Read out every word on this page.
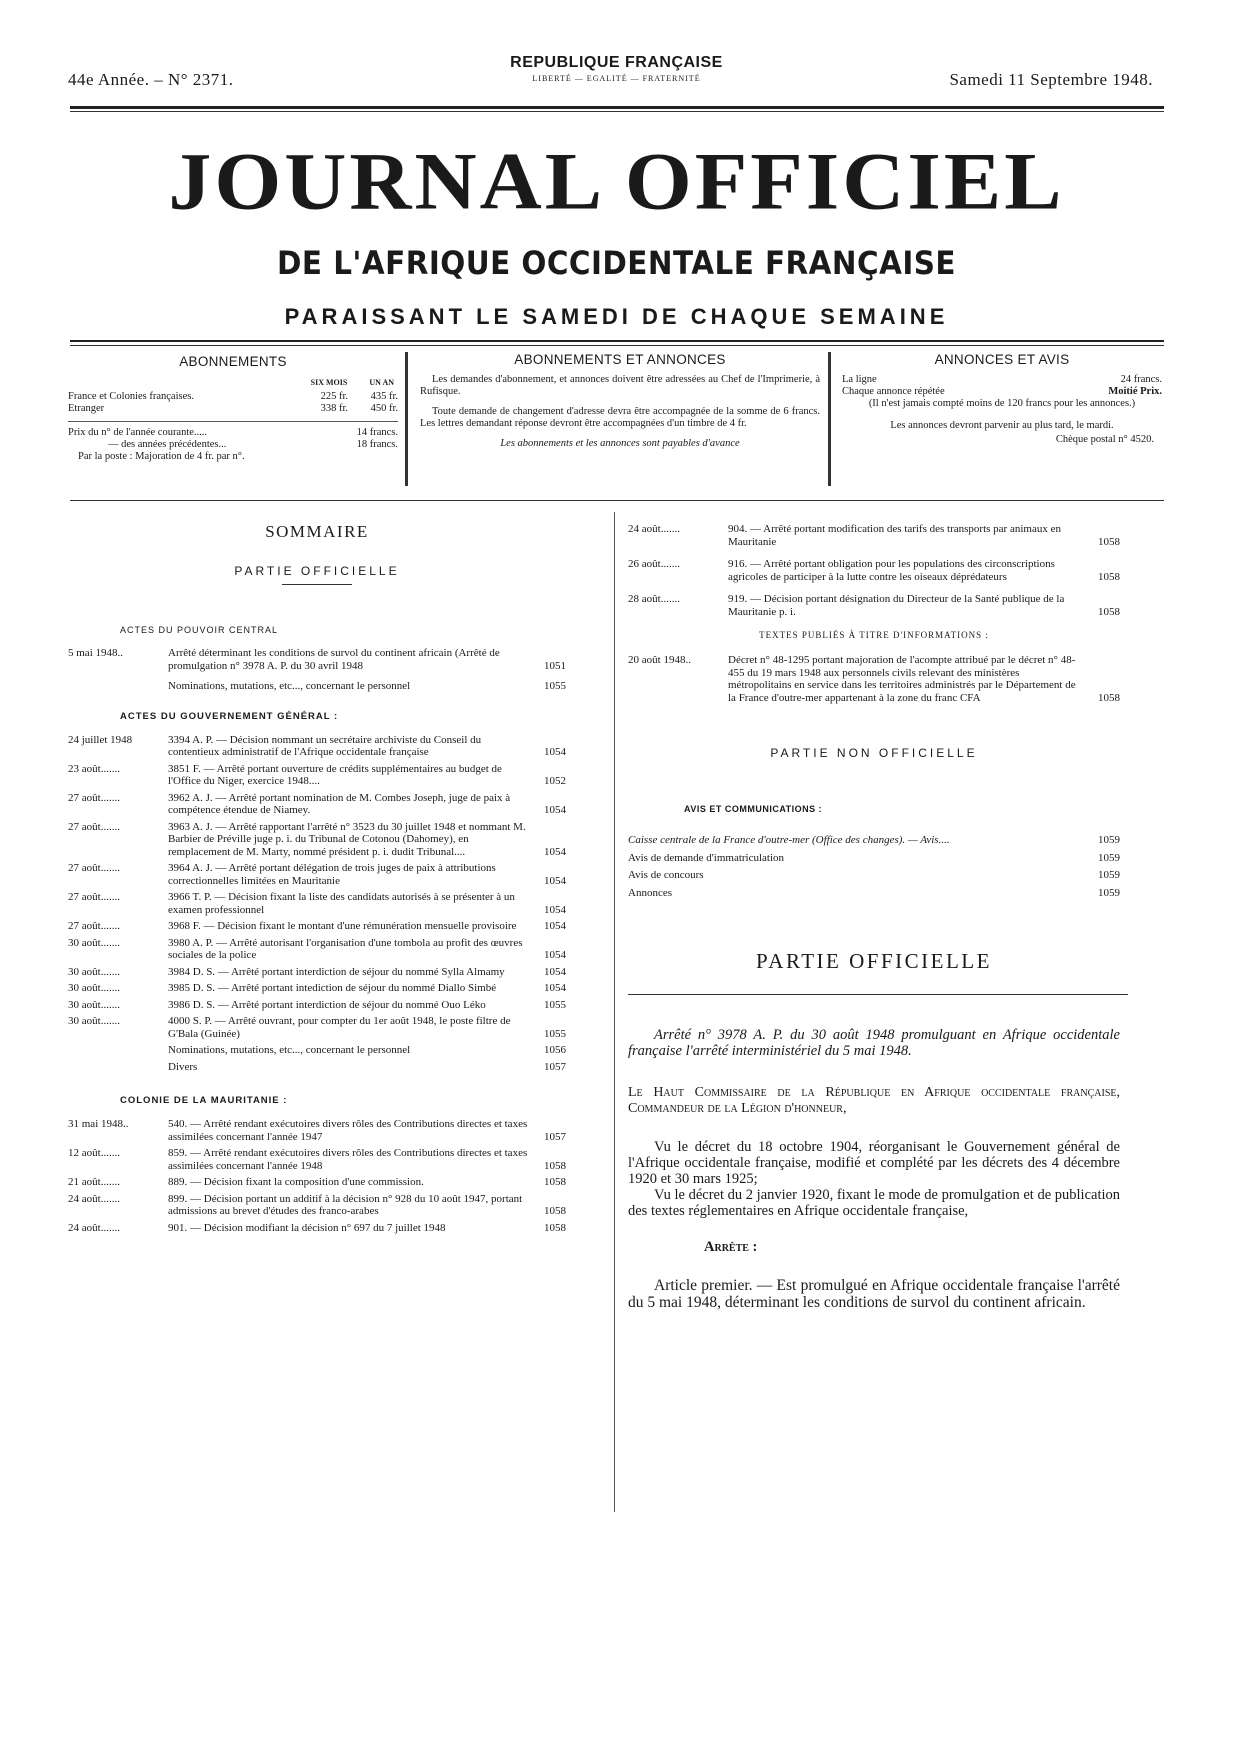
44e Année. – N° 2371.
REPUBLIQUE FRANÇAISE
LIBERTÉ — EGALITÉ — FRATERNITÉ	Samedi 11 Septembre 1948.
JOURNAL OFFICIEL
DE L'AFRIQUE OCCIDENTALE FRANÇAISE
PARAISSANT LE SAMEDI DE CHAQUE SEMAINE
ABONNEMENTS
SIX MOIS	UN AN
France et Colonies françaises.	225 fr.	435 fr.
Etranger	338 fr.	450 fr.
Prix du n° de l'année courante.....	14 francs.
— des années précédentes...	18 francs.
Par la poste : Majoration de 4 fr. par n°.
ABONNEMENTS ET ANNONCES

Les demandes d'abonnement, et annonces doivent être adressées au Chef de l'Imprimerie, à Rufisque.

Toute demande de changement d'adresse devra être accompagnée de la somme de 6 francs. Les lettres demandant réponse devront être accompagnées d'un timbre de 4 fr.

Les abonnements et les annonces sont payables d'avance

ANNONCES ET AVIS
La ligne	24 francs.
Chaque annonce répétée	Moitié Prix.
(Il n'est jamais compté moins de 120 francs pour les annonces.)
Les annonces devront parvenir au plus tard, le mardi.
Chèque postal n° 4520.
SOMMAIRE
PARTIE OFFICIELLE
ACTES DU POUVOIR CENTRAL
5 mai 1948..	Arrêté déterminant les conditions de survol du continent africain (Arrêté de promulgation n° 3978 A. P. du 30 avril 1948	1051
Nominations, mutations, etc..., concernant le personnel	1055
ACTES DU GOUVERNEMENT GÉNÉRAL :
24 juillet 1948	3394 A. P. — Décision nommant un secrétaire archiviste du Conseil du contentieux administratif de l'Afrique occidentale française	1054
23 août.......	3851 F. — Arrêté portant ouverture de crédits supplémentaires au budget de l'Office du Niger, exercice 1948....	1052
27 août.......	3962 A. J. — Arrêté portant nomination de M. Combes Joseph, juge de paix à compétence étendue de Niamey.	1054
27 août.......	3963 A. J. — Arrêté rapportant l'arrêté n° 3523 du 30 juillet 1948 et nommant M. Barbier de Préville juge p. i. du Tribunal de Cotonou (Dahomey), en remplacement de M. Marty, nommé président p. i. dudit Tribunal....	1054
27 août.......	3964 A. J. — Arrêté portant délégation de trois juges de paix à attributions correctionnelles limitées en Mauritanie	1054
27 août.......	3966 T. P. — Décision fixant la liste des candidats autorisés à se présenter à un examen professionnel	1054
27 août.......	3968 F. — Décision fixant le montant d'une rémunération mensuelle provisoire	1054
30 août.......	3980 A. P. — Arrêté autorisant l'organisation d'une tombola au profit des œuvres sociales de la police	1054
30 août.......	3984 D. S. — Arrêté portant interdiction de séjour du nommé Sylla Almamy	1054
30 août.......	3985 D. S. — Arrêté portant intediction de séjour du nommé Diallo Simbé	1054
30 août.......	3986 D. S. — Arrêté portant interdiction de séjour du nommé Ouo Léko	1055
30 août.......	4000 S. P. — Arrêté ouvrant, pour compter du 1er août 1948, le poste filtre de G'Bala (Guinée)	1055
Nominations, mutations, etc..., concernant le personnel	1056
Divers	1057
COLONIE DE LA MAURITANIE :
31 mai 1948..	540. — Arrêté rendant exécutoires divers rôles des Contributions directes et taxes assimilées concernant l'année 1947	1057
12 août.......	859. — Arrêté rendant exécutoires divers rôles des Contributions directes et taxes assimilées concernant l'année 1948	1058
21 août.......	889. — Décision fixant la composition d'une commission.	1058
24 août.......	899. — Décision portant un additif à la décision n° 928 du 10 août 1947, portant admissions au brevet d'études des franco-arabes	1058
24 août.......	901. — Décision modifiant la décision n° 697 du 7 juillet 1948	1058
24 août.......	904. — Arrêté portant modification des tarifs des transports par animaux en Mauritanie	1058
26 août.......	916. — Arrêté portant obligation pour les populations des circonscriptions agricoles de participer à la lutte contre les oiseaux déprédateurs	1058
28 août.......	919. — Décision portant désignation du Directeur de la Santé publique de la Mauritanie p. i.	1058
TEXTES PUBLIÉS À TITRE D'INFORMATIONS :
20 août 1948..	Décret n° 48-1295 portant majoration de l'acompte attribué par le décret n° 48-455 du 19 mars 1948 aux personnels civils relevant des ministères métropolitains en service dans les territoires administrés par le Département de la France d'outre-mer appartenant à la zone du franc CFA	1058
PARTIE NON OFFICIELLE
AVIS ET COMMUNICATIONS :
Caisse centrale de la France d'outre-mer (Office des changes). — Avis....	1059
Avis de demande d'immatriculation	1059
Avis de concours	1059
Annonces	1059
PARTIE OFFICIELLE
Arrêté n° 3978 A. P. du 30 août 1948 promulguant en Afrique occidentale française l'arrêté interministériel du 5 mai 1948.
Le Haut Commissaire de la République en Afrique occidentale française, Commandeur de la Légion d'honneur,
Vu le décret du 18 octobre 1904, réorganisant le Gouvernement général de l'Afrique occidentale française, modifié et complété par les décrets des 4 décembre 1920 et 30 mars 1925;
Vu le décret du 2 janvier 1920, fixant le mode de promulgation et de publication des textes réglementaires en Afrique occidentale française,
Arrête :
Article premier. — Est promulgué en Afrique occidentale française l'arrêté du 5 mai 1948, déterminant les conditions de survol du continent africain.
